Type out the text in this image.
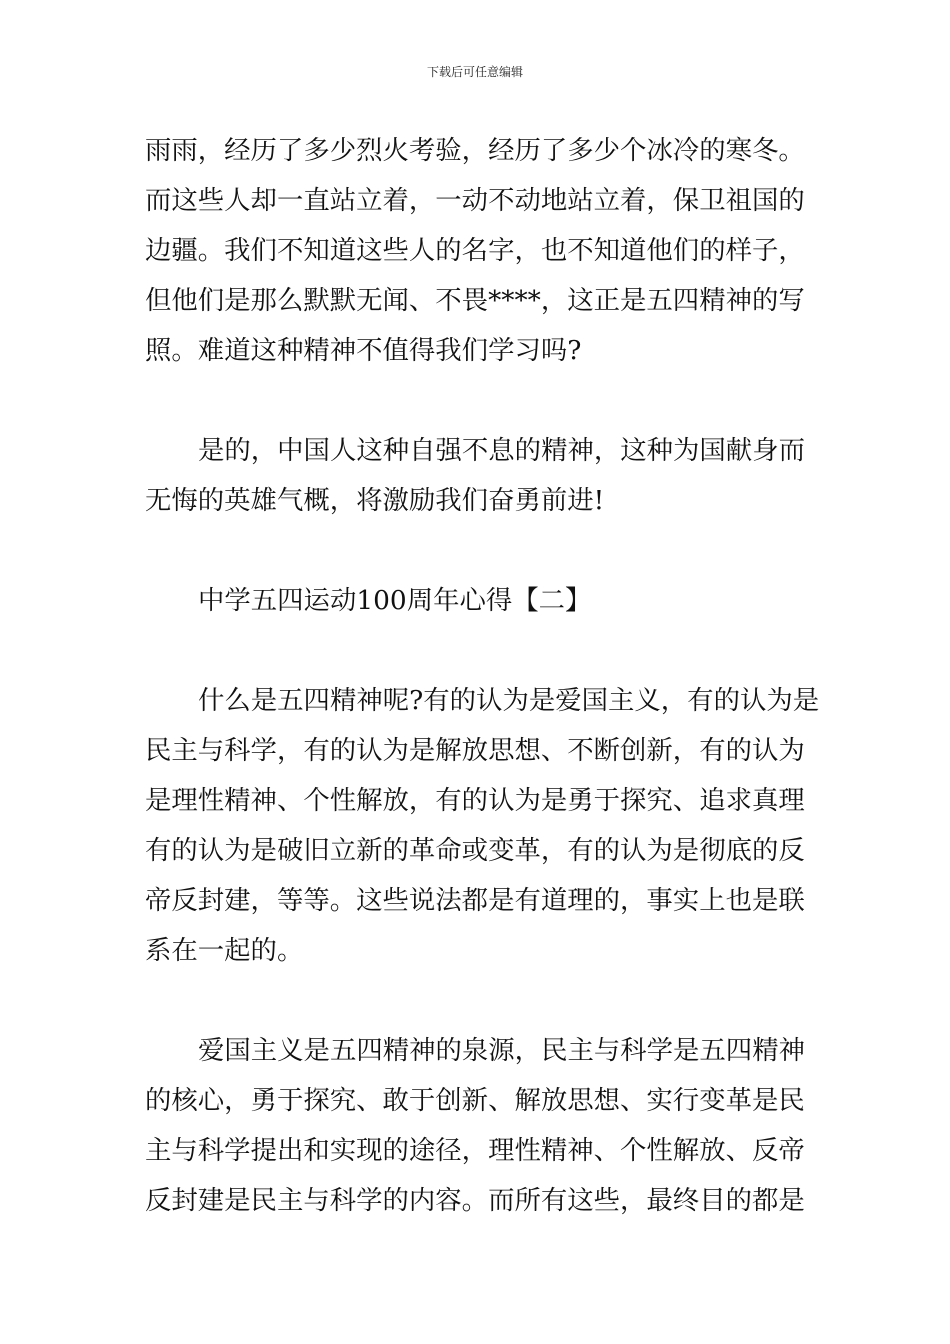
下载后可任意编辑

雨雨，经历了多少烈火考验，经历了多少个冰冷的寒冬。
而这些人却一直站立着，一动不动地站立着，保卫祖国的
边疆。我们不知道这些人的名字，也不知道他们的样子，
但他们是那么默默无闻、不畏****，这正是五四精神的写
照。难道这种精神不值得我们学习吗?

是的，中国人这种自强不息的精神，这种为国献身而
无悔的英雄气概，将激励我们奋勇前进!

中学五四运动100周年心得【二】

什么是五四精神呢?有的认为是爱国主义，有的认为是
民主与科学，有的认为是解放思想、不断创新，有的认为
是理性精神、个性解放，有的认为是勇于探究、追求真理
有的认为是破旧立新的革命或变革，有的认为是彻底的反
帝反封建，等等。这些说法都是有道理的，事实上也是联
系在一起的。

爱国主义是五四精神的泉源，民主与科学是五四精神
的核心，勇于探究、敢于创新、解放思想、实行变革是民
主与科学提出和实现的途径，理性精神、个性解放、反帝
反封建是民主与科学的内容。而所有这些，最终目的都是
